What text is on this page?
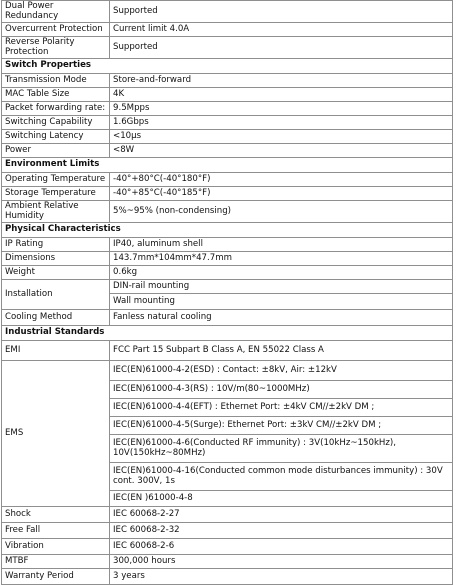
Dual Power Redundancy	Supported
Overcurrent Protection	Current limit 4.0A
Reverse Polarity Protection	Supported
Switch Properties	
Transmission Mode	Store-and-forward
MAC Table Size	4K
Packet forwarding rate:	9.5Mpps
Switching Capability	1.6Gbps
Switching Latency	<10μs
Power	<8W
Environment Limits	
Operating Temperature	-40°+80°C(-40°180°F)
Storage Temperature	-40°+85°C(-40°185°F)
Ambient Relative Humidity	5%~95% (non-condensing)
Physical Characteristics	
IP Rating	IP40, aluminum shell
Dimensions	143.7mm*104mm*47.7mm
Weight	0.6kg
Installation	DIN-rail mounting
	Wall mounting
Cooling Method	Fanless natural cooling
Industrial Standards	
EMI	FCC Part 15 Subpart B Class A, EN 55022 Class A
EMS	IEC(EN)61000-4-2(ESD) : Contact: ±8kV, Air: ±12kV
	IEC(EN)61000-4-3(RS) : 10V/m(80~1000MHz)
	IEC(EN)61000-4-4(EFT) : Ethernet Port: ±4kV CM//±2kV DM ;
	IEC(EN)61000-4-5(Surge): Ethernet Port: ±3kV CM//±2kV DM ;
	IEC(EN)61000-4-6(Conducted RF immunity) : 3V(10kHz~150kHz), 10V(150kHz~80MHz)
	IEC(EN)61000-4-16(Conducted common mode disturbances immunity) : 30V cont. 300V, 1s
	IEC(EN )61000-4-8
Shock	IEC 60068-2-27
Free Fall	IEC 60068-2-32
Vibration	IEC 60068-2-6
MTBF	300,000 hours
Warranty Period	3 years
